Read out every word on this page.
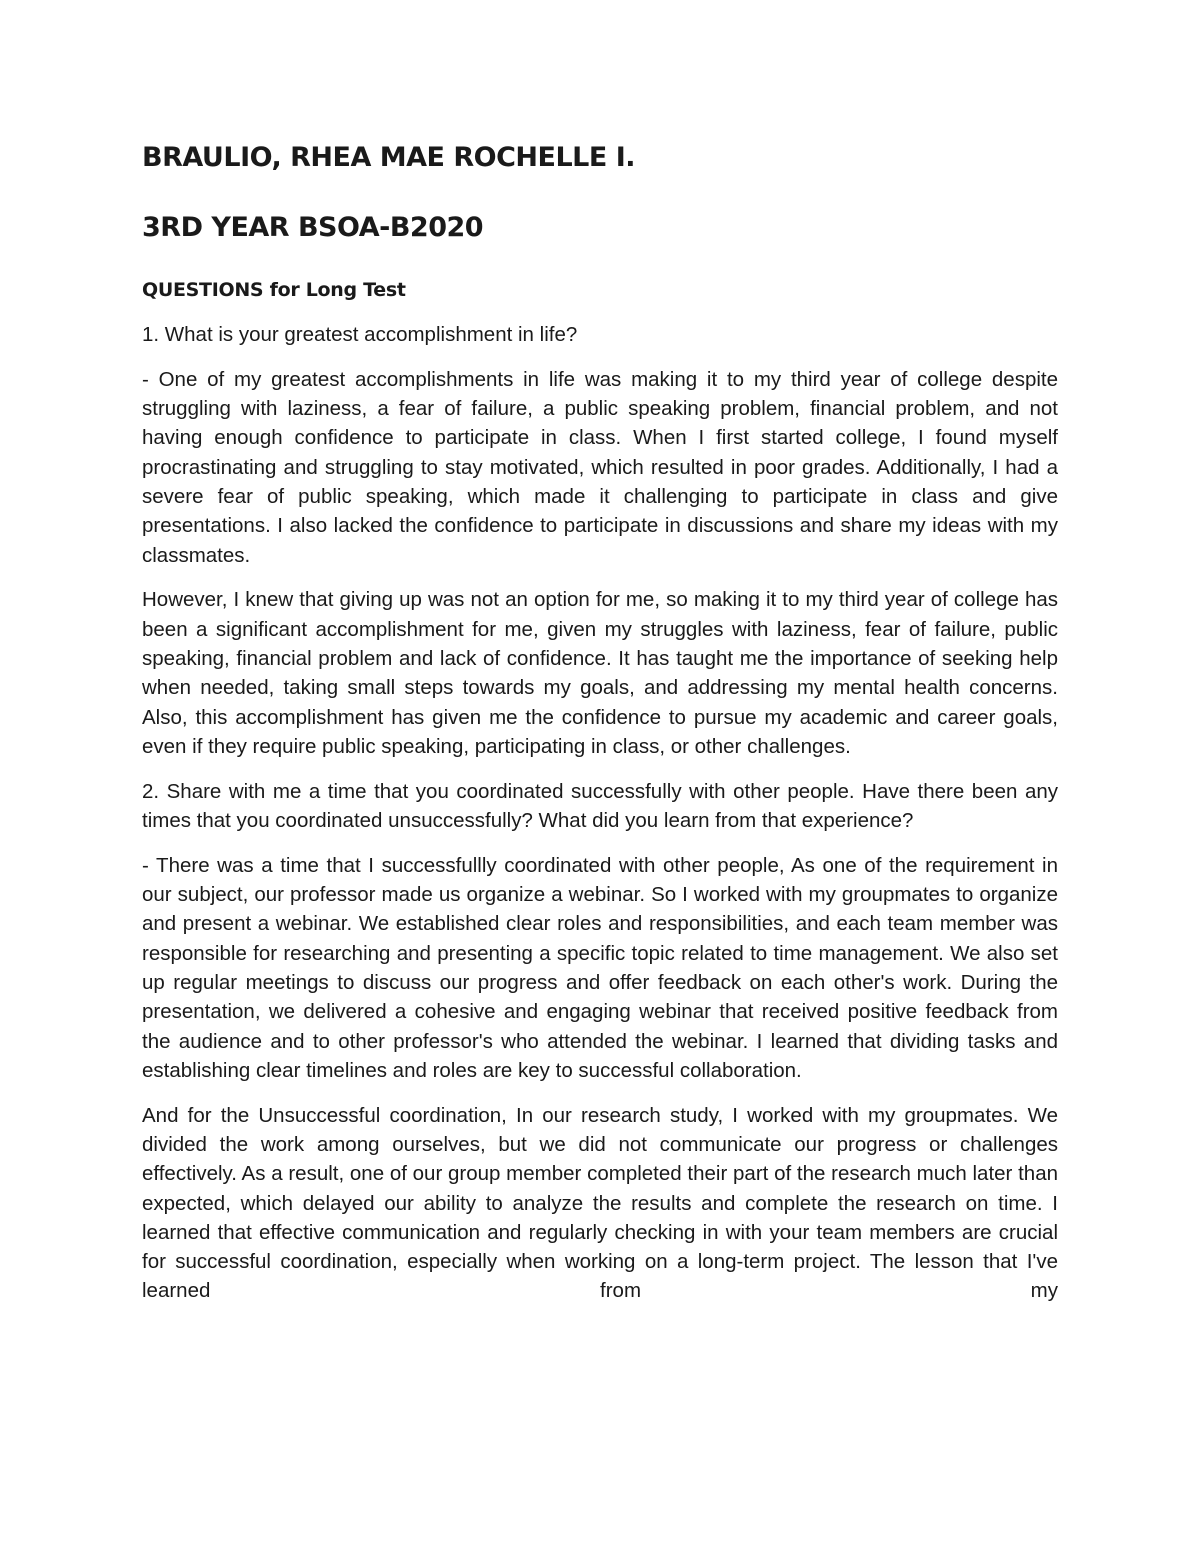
BRAULIO, RHEA MAE ROCHELLE I.
3RD YEAR BSOA-B2020
QUESTIONS for Long Test

1. What is your greatest accomplishment in life?

- One of my greatest accomplishments in life was making it to my third year of college despite struggling with laziness, a fear of failure, a public speaking problem, financial problem, and not having enough confidence to participate in class. When I first started college, I found myself procrastinating and struggling to stay motivated, which resulted in poor grades. Additionally, I had a severe fear of public speaking, which made it challenging to participate in class and give presentations. I also lacked the confidence to participate in discussions and share my ideas with my classmates.

However, I knew that giving up was not an option for me, so making it to my third year of college has been a significant accomplishment for me, given my struggles with laziness, fear of failure, public speaking, financial problem and lack of confidence. It has taught me the importance of seeking help when needed, taking small steps towards my goals, and addressing my mental health concerns. Also, this accomplishment has given me the confidence to pursue my academic and career goals, even if they require public speaking, participating in class, or other challenges.

2. Share with me a time that you coordinated successfully with other people. Have there been any times that you coordinated unsuccessfully? What did you learn from that experience?

- There was a time that I successfullly coordinated with other people, As one of the requirement in our subject, our professor made us organize a webinar. So I worked with my groupmates to organize and present a webinar. We established clear roles and responsibilities, and each team member was responsible for researching and presenting a specific topic related to time management. We also set up regular meetings to discuss our progress and offer feedback on each other's work. During the presentation, we delivered a cohesive and engaging webinar that received positive feedback from the audience and to other professor's who attended the webinar. I learned that dividing tasks and establishing clear timelines and roles are key to successful collaboration.

And for the Unsuccessful coordination, In our research study, I worked with my groupmates. We divided the work among ourselves, but we did not communicate our progress or challenges effectively. As a result, one of our group member completed their part of the research much later than expected, which delayed our ability to analyze the results and complete the research on time. I learned that effective communication and regularly checking in with your team members are crucial for successful coordination, especially when working on a long-term project. The lesson that I've learned from my
